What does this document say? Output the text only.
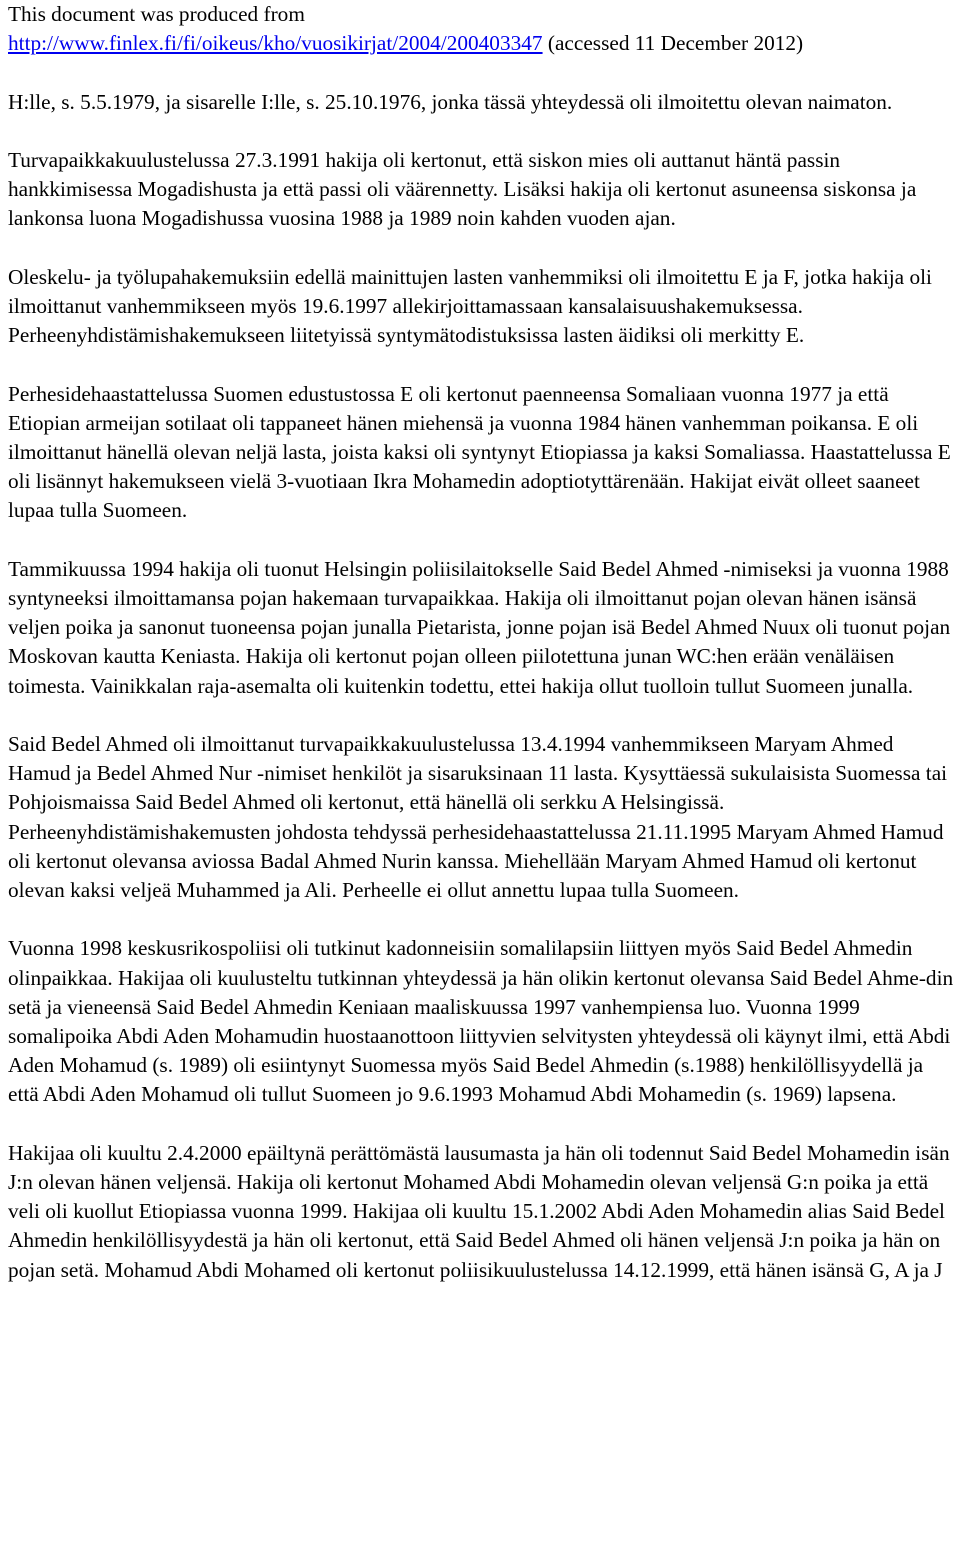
This document was produced from
http://www.finlex.fi/fi/oikeus/kho/vuosikirjat/2004/200403347 (accessed 11 December 2012)

H:lle, s. 5.5.1979, ja sisarelle I:lle, s. 25.10.1976, jonka tässä yhteydessä oli ilmoitettu olevan naimaton.

Turvapaikkakuulustelussa 27.3.1991 hakija oli kertonut, että siskon mies oli auttanut häntä passin hankkimisessa Mogadishusta ja että passi oli väärennetty. Lisäksi hakija oli kertonut asuneensa siskonsa ja lankonsa luona Mogadishussa vuosina 1988 ja 1989 noin kahden vuoden ajan.

Oleskelu- ja työlupahakemuksiin edellä mainittujen lasten vanhemmiksi oli ilmoitettu E ja F, jotka hakija oli ilmoittanut vanhemmikseen myös 19.6.1997 allekirjoittamassaan kansalaisuushakemuksessa. Perheenyhdistämishakemukseen liitetyissä syntymätodistuksissa lasten äidiksi oli merkitty E.

Perhesidehaastattelussa Suomen edustustossa E oli kertonut paenneensa Somaliaan vuonna 1977 ja että Etiopian armeijan sotilaat oli tappaneet hänen miehensä ja vuonna 1984 hänen vanhemman poikansa. E oli ilmoittanut hänellä olevan neljä lasta, joista kaksi oli syntynyt Etiopiassa ja kaksi Somaliassa. Haastattelussa E oli lisännyt hakemukseen vielä 3-vuotiaan Ikra Mohamedin adoptiotyttärenään. Hakijat eivät olleet saaneet lupaa tulla Suomeen.

Tammikuussa 1994 hakija oli tuonut Helsingin poliisilaitokselle Said Bedel Ahmed -nimiseksi ja vuonna 1988 syntyneeksi ilmoittamansa pojan hakemaan turvapaikkaa. Hakija oli ilmoittanut pojan olevan hänen isänsä veljen poika ja sanonut tuoneensa pojan junalla Pietarista, jonne pojan isä Bedel Ahmed Nuux oli tuonut pojan Moskovan kautta Keniasta. Hakija oli kertonut pojan olleen piilotettuna junan WC:hen erään venäläisen toimesta. Vainikkalan raja-asemalta oli kuitenkin todettu, ettei hakija ollut tuolloin tullut Suomeen junalla.

Said Bedel Ahmed oli ilmoittanut turvapaikkakuulustelussa 13.4.1994 vanhemmikseen Maryam Ahmed Hamud ja Bedel Ahmed Nur -nimiset henkilöt ja sisaruksinaan 11 lasta. Kysyttäessä sukulaisista Suomessa tai Pohjoismaissa Said Bedel Ahmed oli kertonut, että hänellä oli serkku A Helsingissä. Perheenyhdistämishakemusten johdosta tehdyssä perhesidehaastattelussa 21.11.1995 Maryam Ahmed Hamud oli kertonut olevansa aviossa Badal Ahmed Nurin kanssa. Miehellään Maryam Ahmed Hamud oli kertonut olevan kaksi veljeä Muhammed ja Ali. Perheelle ei ollut annettu lupaa tulla Suomeen.

Vuonna 1998 keskusrikospoliisi oli tutkinut kadonneisiin somalilapsiin liittyen myös Said Bedel Ahmedin olinpaikkaa. Hakijaa oli kuulusteltu tutkinnan yhteydessä ja hän olikin kertonut olevansa Said Bedel Ahme-din setä ja vieneensä Said Bedel Ahmedin Keniaan maaliskuussa 1997 vanhempiensa luo. Vuonna 1999 somalipoika Abdi Aden Mohamudin huostaanottoon liittyvien selvitysten yhteydessä oli käynyt ilmi, että Abdi Aden Mohamud (s. 1989) oli esiintynyt Suomessa myös Said Bedel Ahmedin (s.1988) henkilöllisyydellä ja että Abdi Aden Mohamud oli tullut Suomeen jo 9.6.1993 Mohamud Abdi Mohamedin (s. 1969) lapsena.

Hakijaa oli kuultu 2.4.2000 epäiltynä perättömästä lausumasta ja hän oli todennut Said Bedel Mohamedin isän J:n olevan hänen veljensä. Hakija oli kertonut Mohamed Abdi Mohamedin olevan veljensä G:n poika ja että veli oli kuollut Etiopiassa vuonna 1999. Hakijaa oli kuultu 15.1.2002 Abdi Aden Mohamedin alias Said Bedel Ahmedin henkilöllisyydestä ja hän oli kertonut, että Said Bedel Ahmed oli hänen veljensä J:n poika ja hän on pojan setä. Mohamud Abdi Mohamed oli kertonut poliisikuulustelussa 14.12.1999, että hänen isänsä G, A ja J
